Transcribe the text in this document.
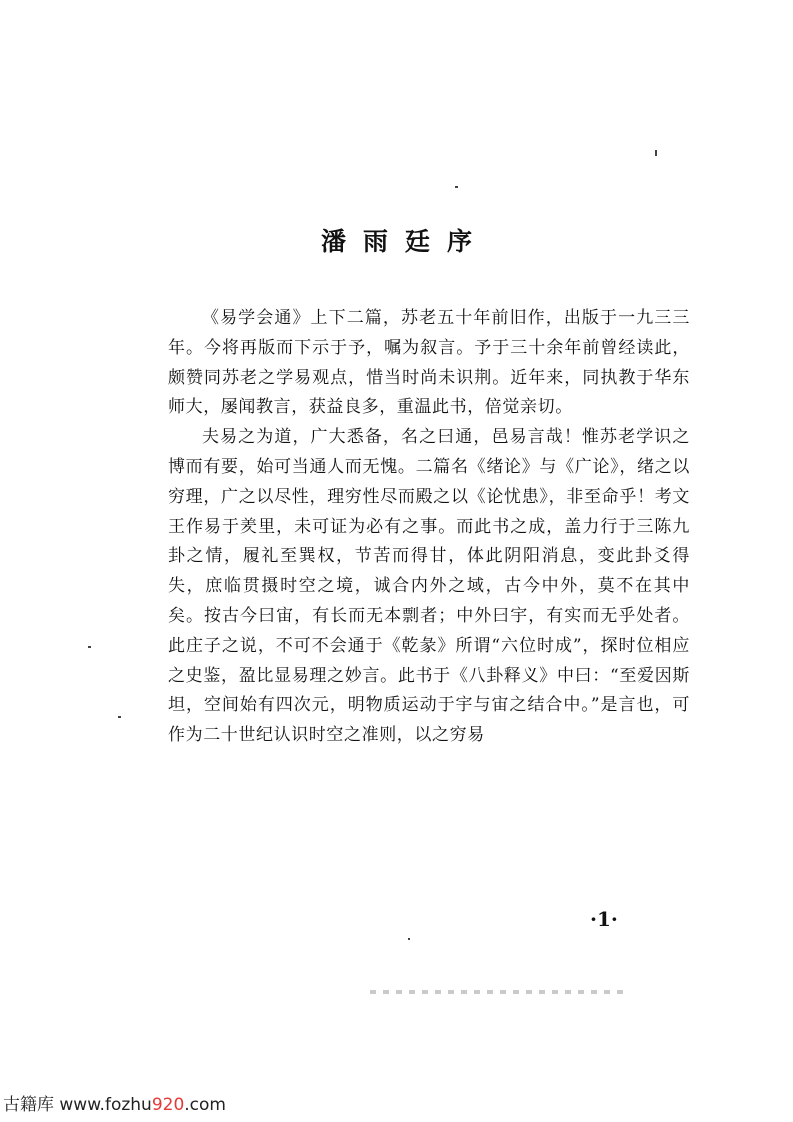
潘雨廷序

《易学会通》上下二篇，苏老五十年前旧作，出版于一九三三年。今将再版而下示于予，嘱为叙言。予于三十余年前曾经读此，颇赞同苏老之学易观点，惜当时尚未识荆。近年来，同执教于华东师大，屡闻教言，获益良多，重温此书，倍觉亲切。

夫易之为道，广大悉备，名之曰通，邑易言哉！惟苏老学识之博而有要，始可当通人而无愧。二篇名《绪论》与《广论》，绪之以穷理，广之以尽性，理穷性尽而殿之以《论忧患》，非至命乎！考文王作易于羑里，未可证为必有之事。而此书之成，盖力行于三陈九卦之情，履礼至巽权，节苦而得甘，体此阴阳消息，变此卦爻得失，庶临贯摄时空之境，诚合内外之域，古今中外，莫不在其中矣。按古今曰宙，有长而无本剽者；中外曰宇，有实而无乎处者。此庄子之说，不可不会通于《乾彖》所谓“六位时成”，探时位相应之史鉴，盈比显易理之妙言。此书于《八卦释义》中曰：“至爱因斯坦，空间始有四次元，明物质运动于宇与宙之结合中。”是言也，可作为二十世纪认识时空之准则，以之穷易

·1·
古籍库 www.fozhu920.com
